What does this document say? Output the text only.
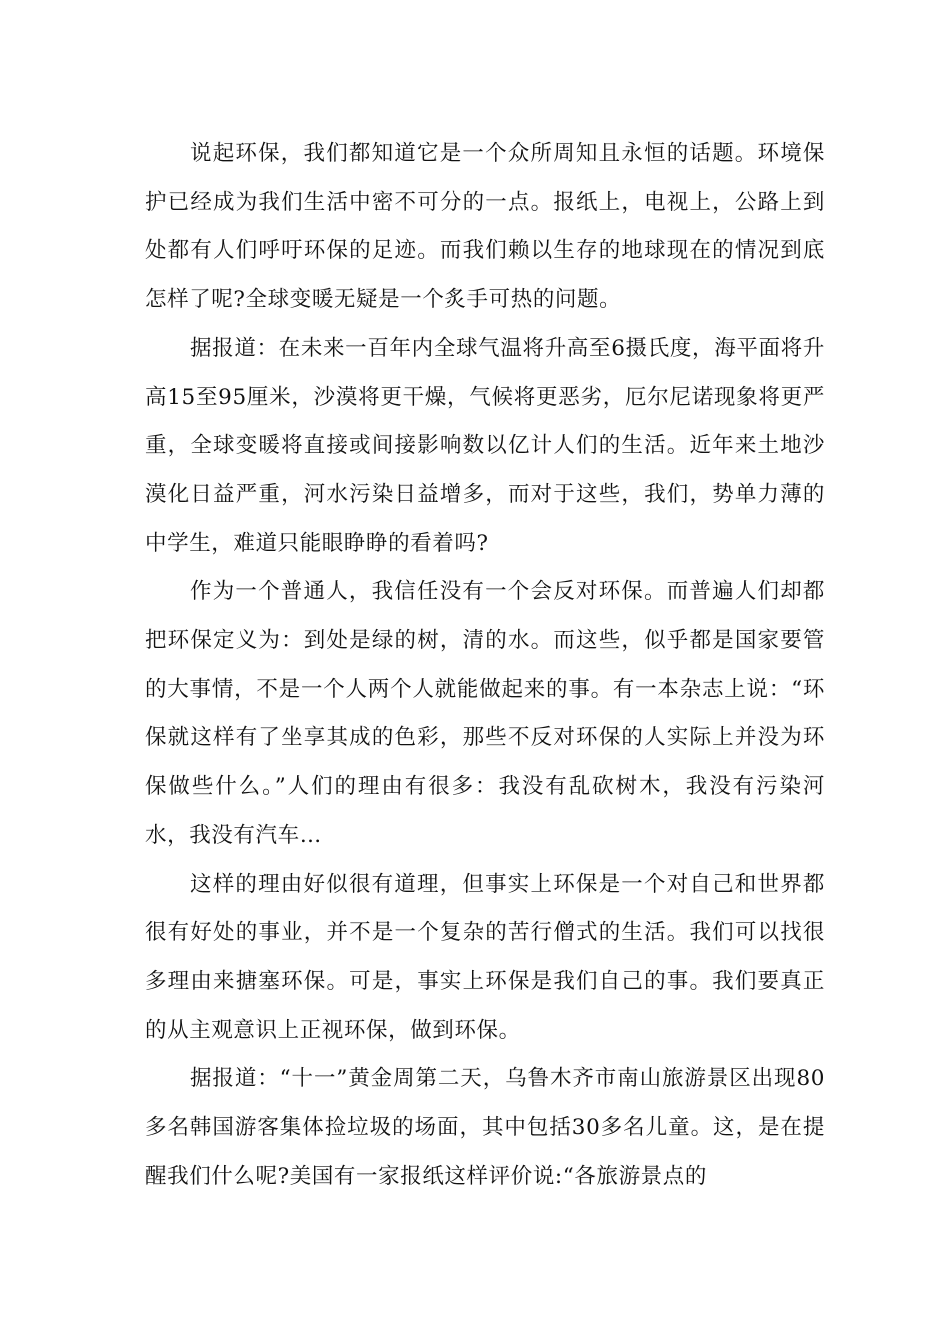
说起环保，我们都知道它是一个众所周知且永恒的话题。环境保护已经成为我们生活中密不可分的一点。报纸上，电视上，公路上到处都有人们呼吁环保的足迹。而我们赖以生存的地球现在的情况到底怎样了呢?全球变暖无疑是一个炙手可热的问题。

据报道：在未来一百年内全球气温将升高至6摄氏度，海平面将升高15至95厘米，沙漠将更干燥，气候将更恶劣，厄尔尼诺现象将更严重，全球变暖将直接或间接影响数以亿计人们的生活。近年来土地沙漠化日益严重，河水污染日益增多，而对于这些，我们，势单力薄的中学生，难道只能眼睁睁的看着吗?

作为一个普通人，我信任没有一个会反对环保。而普遍人们却都把环保定义为：到处是绿的树，清的水。而这些，似乎都是国家要管的大事情，不是一个人两个人就能做起来的事。有一本杂志上说：“环保就这样有了坐享其成的色彩，那些不反对环保的人实际上并没为环保做些什么。”人们的理由有很多：我没有乱砍树木，我没有污染河水，我没有汽车…

这样的理由好似很有道理，但事实上环保是一个对自己和世界都很有好处的事业，并不是一个复杂的苦行僧式的生活。我们可以找很多理由来搪塞环保。可是，事实上环保是我们自己的事。我们要真正的从主观意识上正视环保，做到环保。

据报道：“十一”黄金周第二天，乌鲁木齐市南山旅游景区出现80多名韩国游客集体捡垃圾的场面，其中包括30多名儿童。这，是在提醒我们什么呢?美国有一家报纸这样评价说:“各旅游景点的
